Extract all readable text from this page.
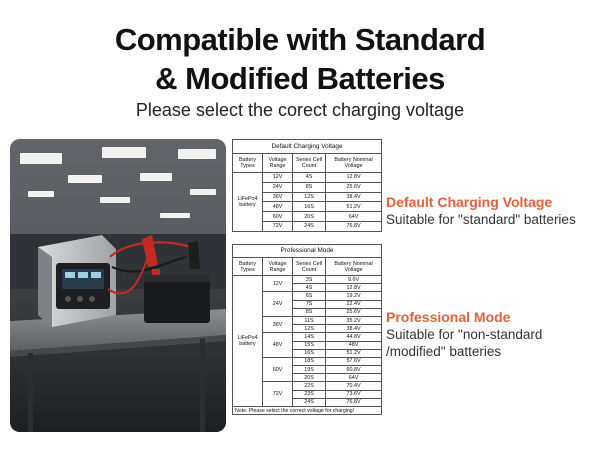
Compatible with Standard
& Modified Batteries
Please select the corect charging voltage
Default Charging Voltage			
Battery Types	Voltage Range	Series Cell Count	Battery Nominal Voltage
LiFePo4 battery	12V	4S	12.8V
	24V	8S	25.6V
	36V	12S	38.4V
	48V	16S	51.2V
	60V	20S	64V
	72V	24S	76.8V
Professional Mode			
Battery Types	Voltage Range	Series Cell Count	Battery Nominal Voltage
LiFePo4 battery	12V	3S	9.6V
		4S	12.8V
	24V	6S	19.2V
		7S	22.4V
		8S	25.6V
	36V	11S	35.2V
		12S	38.4V
	48V	14S	44.8V
		15S	48V
		16S	51.2V
	60V	18S	57.6V
		19S	60.8V
		20S	64V
	72V	22S	70.4V
		23S	73.6V
		24S	76.8V
Note: Please select the correct voltage for charging!			
Default Charging Voltage
Suitable for "standard" batteries
Professional Mode
Suitable for "non-standard
/modified" batteries
